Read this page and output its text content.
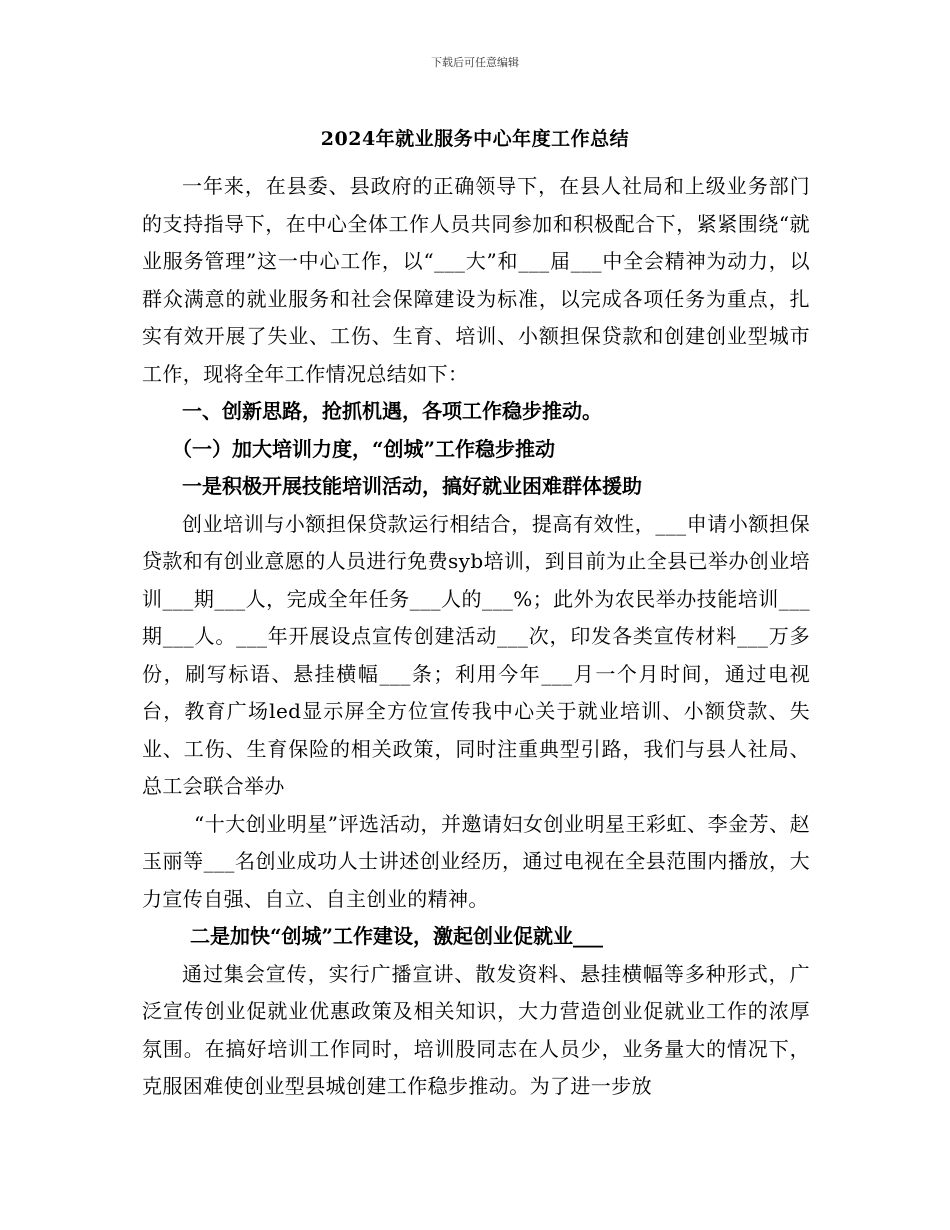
下载后可任意编辑
2024年就业服务中心年度工作总结

一年来，在县委、县政府的正确领导下，在县人社局和上级业务部门的支持指导下，在中心全体工作人员共同参加和积极配合下，紧紧围绕“就业服务管理”这一中心工作，以“___大”和___届___中全会精神为动力，以群众满意的就业服务和社会保障建设为标准，以完成各项任务为重点，扎实有效开展了失业、工伤、生育、培训、小额担保贷款和创建创业型城市工作，现将全年工作情况总结如下：

一、创新思路，抢抓机遇，各项工作稳步推动。

（一）加大培训力度，“创城”工作稳步推动

一是积极开展技能培训活动，搞好就业困难群体援助

创业培训与小额担保贷款运行相结合，提高有效性，___申请小额担保贷款和有创业意愿的人员进行免费syb培训，到目前为止全县已举办创业培训___期___人，完成全年任务___人的___%；此外为农民举办技能培训___期___人。___年开展设点宣传创建活动___次，印发各类宣传材料___万多份，刷写标语、悬挂横幅___条；利用今年___月一个月时间，通过电视台，教育广场led显示屏全方位宣传我中心关于就业培训、小额贷款、失业、工伤、生育保险的相关政策，同时注重典型引路，我们与县人社局、总工会联合举办

“十大创业明星”评选活动，并邀请妇女创业明星王彩虹、李金芳、赵玉丽等___名创业成功人士讲述创业经历，通过电视在全县范围内播放，大力宣传自强、自立、自主创业的精神。

二是加快“创城”工作建设，激起创业促就业___

通过集会宣传，实行广播宣讲、散发资料、悬挂横幅等多种形式，广泛宣传创业促就业优惠政策及相关知识，大力营造创业促就业工作的浓厚氛围。在搞好培训工作同时，培训股同志在人员少，业务量大的情况下，克服困难使创业型县城创建工作稳步推动。为了进一步放
